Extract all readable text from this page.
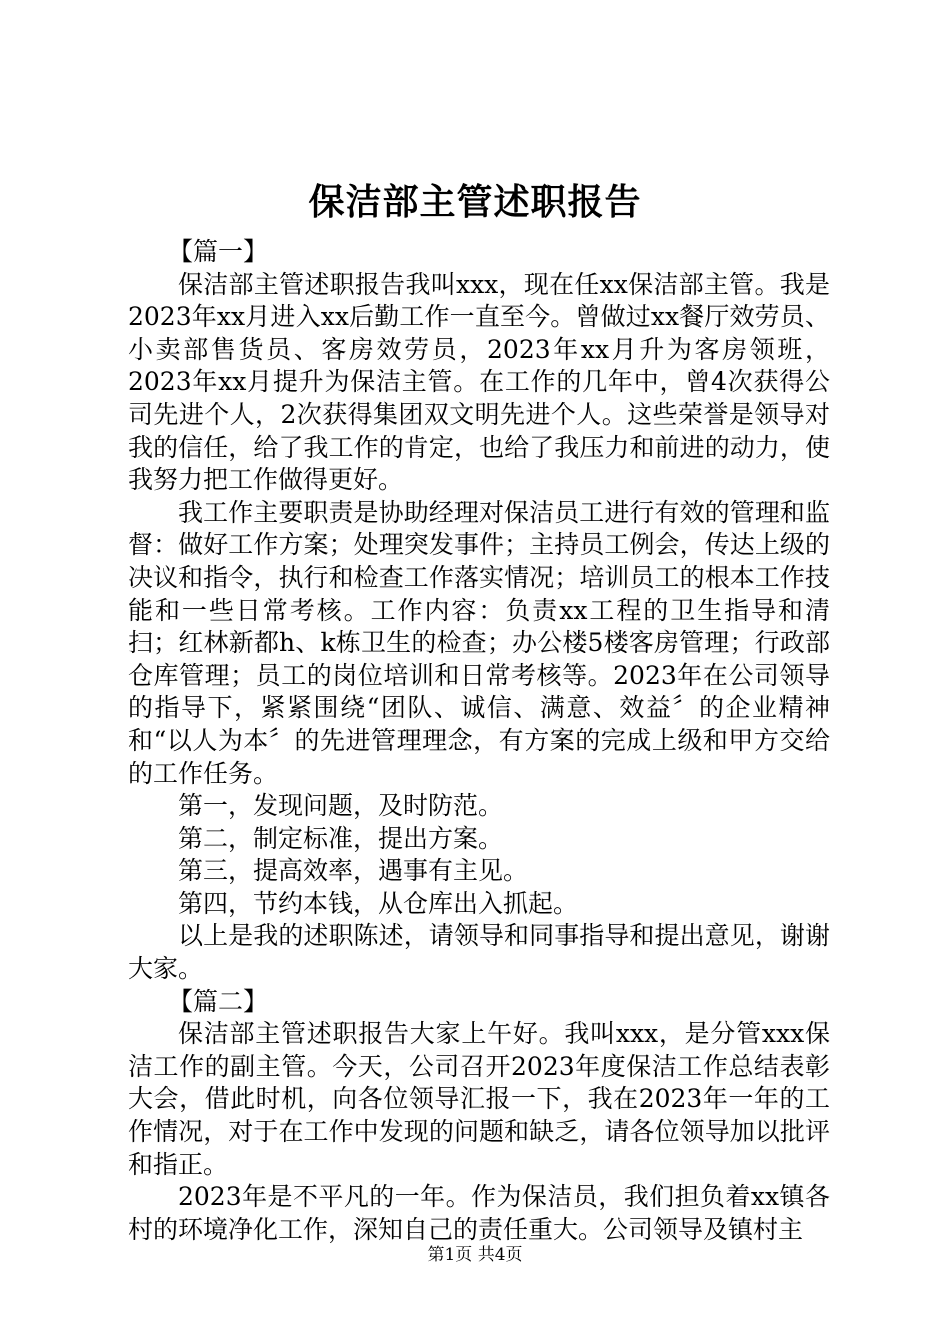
保洁部主管述职报告

【篇一】

保洁部主管述职报告我叫xxx，现在任xx保洁部主管。我是2023年xx月进入xx后勤工作一直至今。曾做过xx餐厅效劳员、小卖部售货员、客房效劳员，2023年xx月升为客房领班，2023年xx月提升为保洁主管。在工作的几年中，曾4次获得公司先进个人，2次获得集团双文明先进个人。这些荣誉是领导对我的信任，给了我工作的肯定，也给了我压力和前进的动力，使我努力把工作做得更好。

我工作主要职责是协助经理对保洁员工进行有效的管理和监督：做好工作方案；处理突发事件；主持员工例会，传达上级的决议和指令，执行和检查工作落实情况；培训员工的根本工作技能和一些日常考核。工作内容：负责xx工程的卫生指导和清扫；红林新都h、k栋卫生的检查；办公楼5楼客房管理；行政部仓库管理；员工的岗位培训和日常考核等。2023年在公司领导的指导下，紧紧围绕“团队、诚信、满意、效益〞的企业精神和“以人为本〞的先进管理理念，有方案的完成上级和甲方交给的工作任务。

第一，发现问题，及时防范。

第二，制定标准，提出方案。

第三，提高效率，遇事有主见。

第四，节约本钱，从仓库出入抓起。

以上是我的述职陈述，请领导和同事指导和提出意见，谢谢大家。

【篇二】

保洁部主管述职报告大家上午好。我叫xxx，是分管xxx保洁工作的副主管。今天，公司召开2023年度保洁工作总结表彰大会，借此时机，向各位领导汇报一下，我在2023年一年的工作情况，对于在工作中发现的问题和缺乏，请各位领导加以批评和指正。

2023年是不平凡的一年。作为保洁员，我们担负着xx镇各村的环境净化工作，深知自己的责任重大。公司领导及镇村主

第1页 共4页
